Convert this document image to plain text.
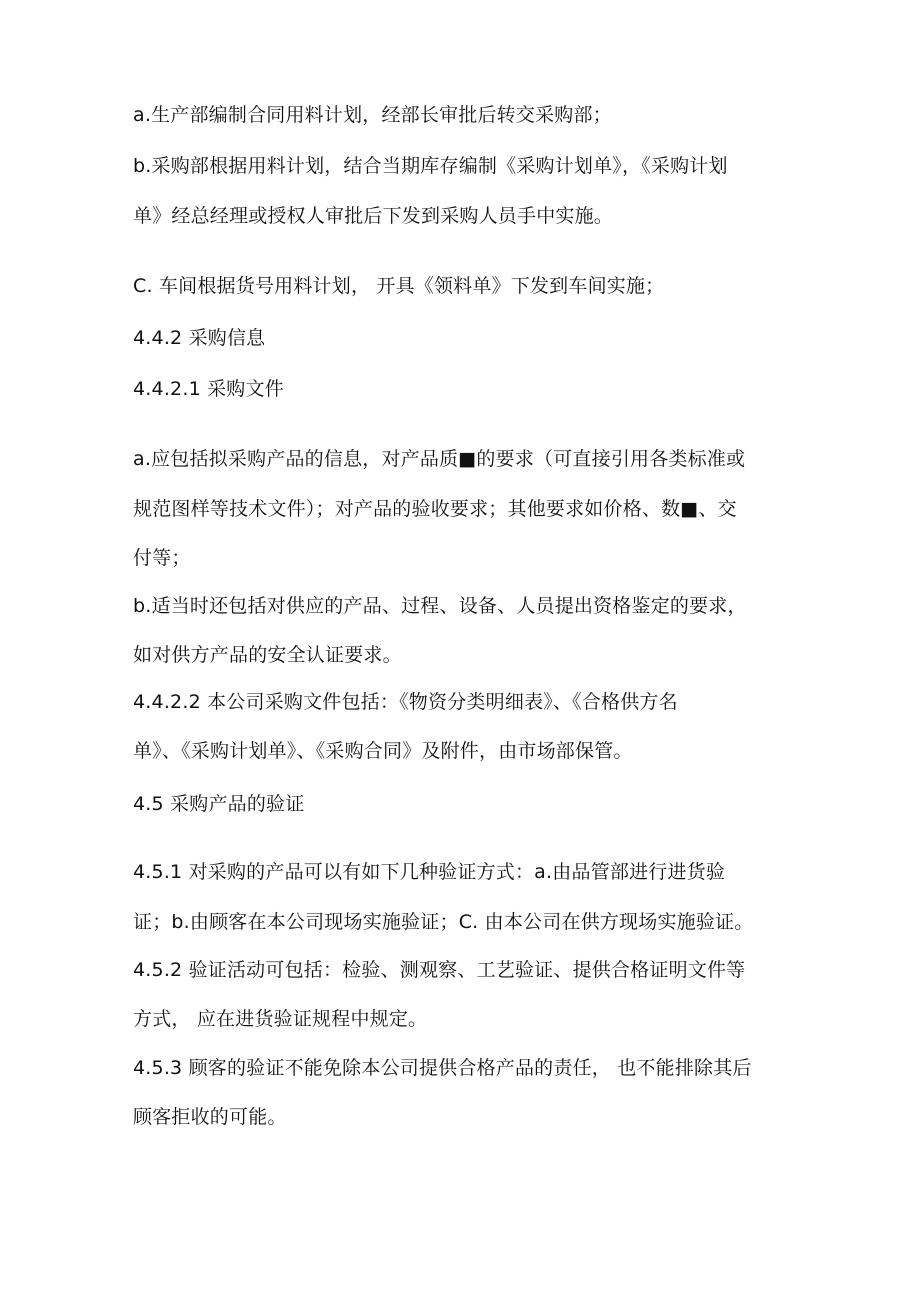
a.生产部编制合同用料计划，经部长审批后转交采购部；
b.采购部根据用料计划，结合当期库存编制《采购计划单》，《采购计划
单》经总经理或授权人审批后下发到采购人员手中实施。
C. 车间根据货号用料计划， 开具《领料单》下发到车间实施；
4.4.2 采购信息
4.4.2.1 采购文件
a.应包括拟采购产品的信息，对产品质■的要求（可直接引用各类标准或
规范图样等技术文件）；对产品的验收要求；其他要求如价格、数■、交
付等；
b.适当时还包括对供应的产品、过程、设备、人员提出资格鉴定的要求，
如对供方产品的安全认证要求。
4.4.2.2 本公司采购文件包括：《物资分类明细表》、《合格供方名
单》、《采购计划单》、《采购合同》及附件，由市场部保管。
4.5 采购产品的验证
4.5.1 对采购的产品可以有如下几种验证方式：a.由品管部进行进货验
证；b.由顾客在本公司现场实施验证；C. 由本公司在供方现场实施验证。
4.5.2 验证活动可包括：检验、测观察、工艺验证、提供合格证明文件等
方式， 应在进货验证规程中规定。
4.5.3 顾客的验证不能免除本公司提供合格产品的责任， 也不能排除其后
顾客拒收的可能。
